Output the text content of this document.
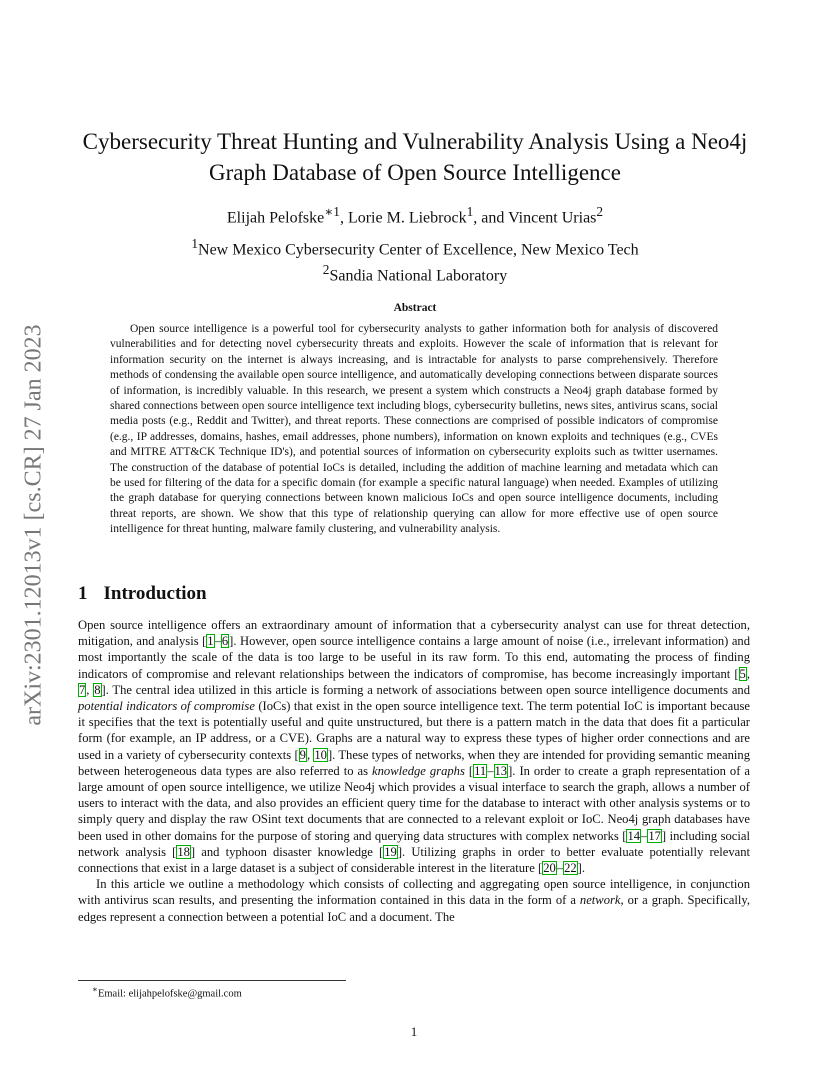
arXiv:2301.12013v1 [cs.CR] 27 Jan 2023
Cybersecurity Threat Hunting and Vulnerability Analysis Using a Neo4j Graph Database of Open Source Intelligence
Elijah Pelofske$^{∗1}$, Lorie M. Liebrock$^1$, and Vincent Urias$^2$
$^1$New Mexico Cybersecurity Center of Excellence, New Mexico Tech
$^2$Sandia National Laboratory
Abstract

Open source intelligence is a powerful tool for cybersecurity analysts to gather information both for analysis of discovered vulnerabilities and for detecting novel cybersecurity threats and exploits. However the scale of information that is relevant for information security on the internet is always increasing, and is intractable for analysts to parse comprehensively. Therefore methods of condensing the available open source intelligence, and automatically developing connections between disparate sources of information, is incredibly valuable. In this research, we present a system which constructs a Neo4j graph database formed by shared connections between open source intelligence text including blogs, cybersecurity bulletins, news sites, antivirus scans, social media posts (e.g., Reddit and Twitter), and threat reports. These connections are comprised of possible indicators of compromise (e.g., IP addresses, domains, hashes, email addresses, phone numbers), information on known exploits and techniques (e.g., CVEs and MITRE ATT&CK Technique ID's), and potential sources of information on cybersecurity exploits such as twitter usernames. The construction of the database of potential IoCs is detailed, including the addition of machine learning and metadata which can be used for filtering of the data for a specific domain (for example a specific natural language) when needed. Examples of utilizing the graph database for querying connections between known malicious IoCs and open source intelligence documents, including threat reports, are shown. We show that this type of relationship querying can allow for more effective use of open source intelligence for threat hunting, malware family clustering, and vulnerability analysis.

1 Introduction

Open source intelligence offers an extraordinary amount of information that a cybersecurity analyst can use for threat detection, mitigation, and analysis [1–6]. However, open source intelligence contains a large amount of noise (i.e., irrelevant information) and most importantly the scale of the data is too large to be useful in its raw form. To this end, automating the process of finding indicators of compromise and relevant relationships between the indicators of compromise, has become increasingly important [5, 7, 8]. The central idea utilized in this article is forming a network of associations between open source intelligence documents and potential indicators of compromise (IoCs) that exist in the open source intelligence text. The term potential IoC is important because it specifies that the text is potentially useful and quite unstructured, but there is a pattern match in the data that does fit a particular form (for example, an IP address, or a CVE). Graphs are a natural way to express these types of higher order connections and are used in a variety of cybersecurity contexts [9, 10]. These types of networks, when they are intended for providing semantic meaning between heterogeneous data types are also referred to as knowledge graphs [11–13]. In order to create a graph representation of a large amount of open source intelligence, we utilize Neo4j which provides a visual interface to search the graph, allows a number of users to interact with the data, and also provides an efficient query time for the database to interact with other analysis systems or to simply query and display the raw OSint text documents that are connected to a relevant exploit or IoC. Neo4j graph databases have been used in other domains for the purpose of storing and querying data structures with complex networks [14–17] including social network analysis [18] and typhoon disaster knowledge [19]. Utilizing graphs in order to better evaluate potentially relevant connections that exist in a large dataset is a subject of considerable interest in the literature [20–22].

In this article we outline a methodology which consists of collecting and aggregating open source intelligence, in conjunction with antivirus scan results, and presenting the information contained in this data in the form of a network, or a graph. Specifically, edges represent a connection between a potential IoC and a document. The

∗Email: elijahpelofske@gmail.com
1
